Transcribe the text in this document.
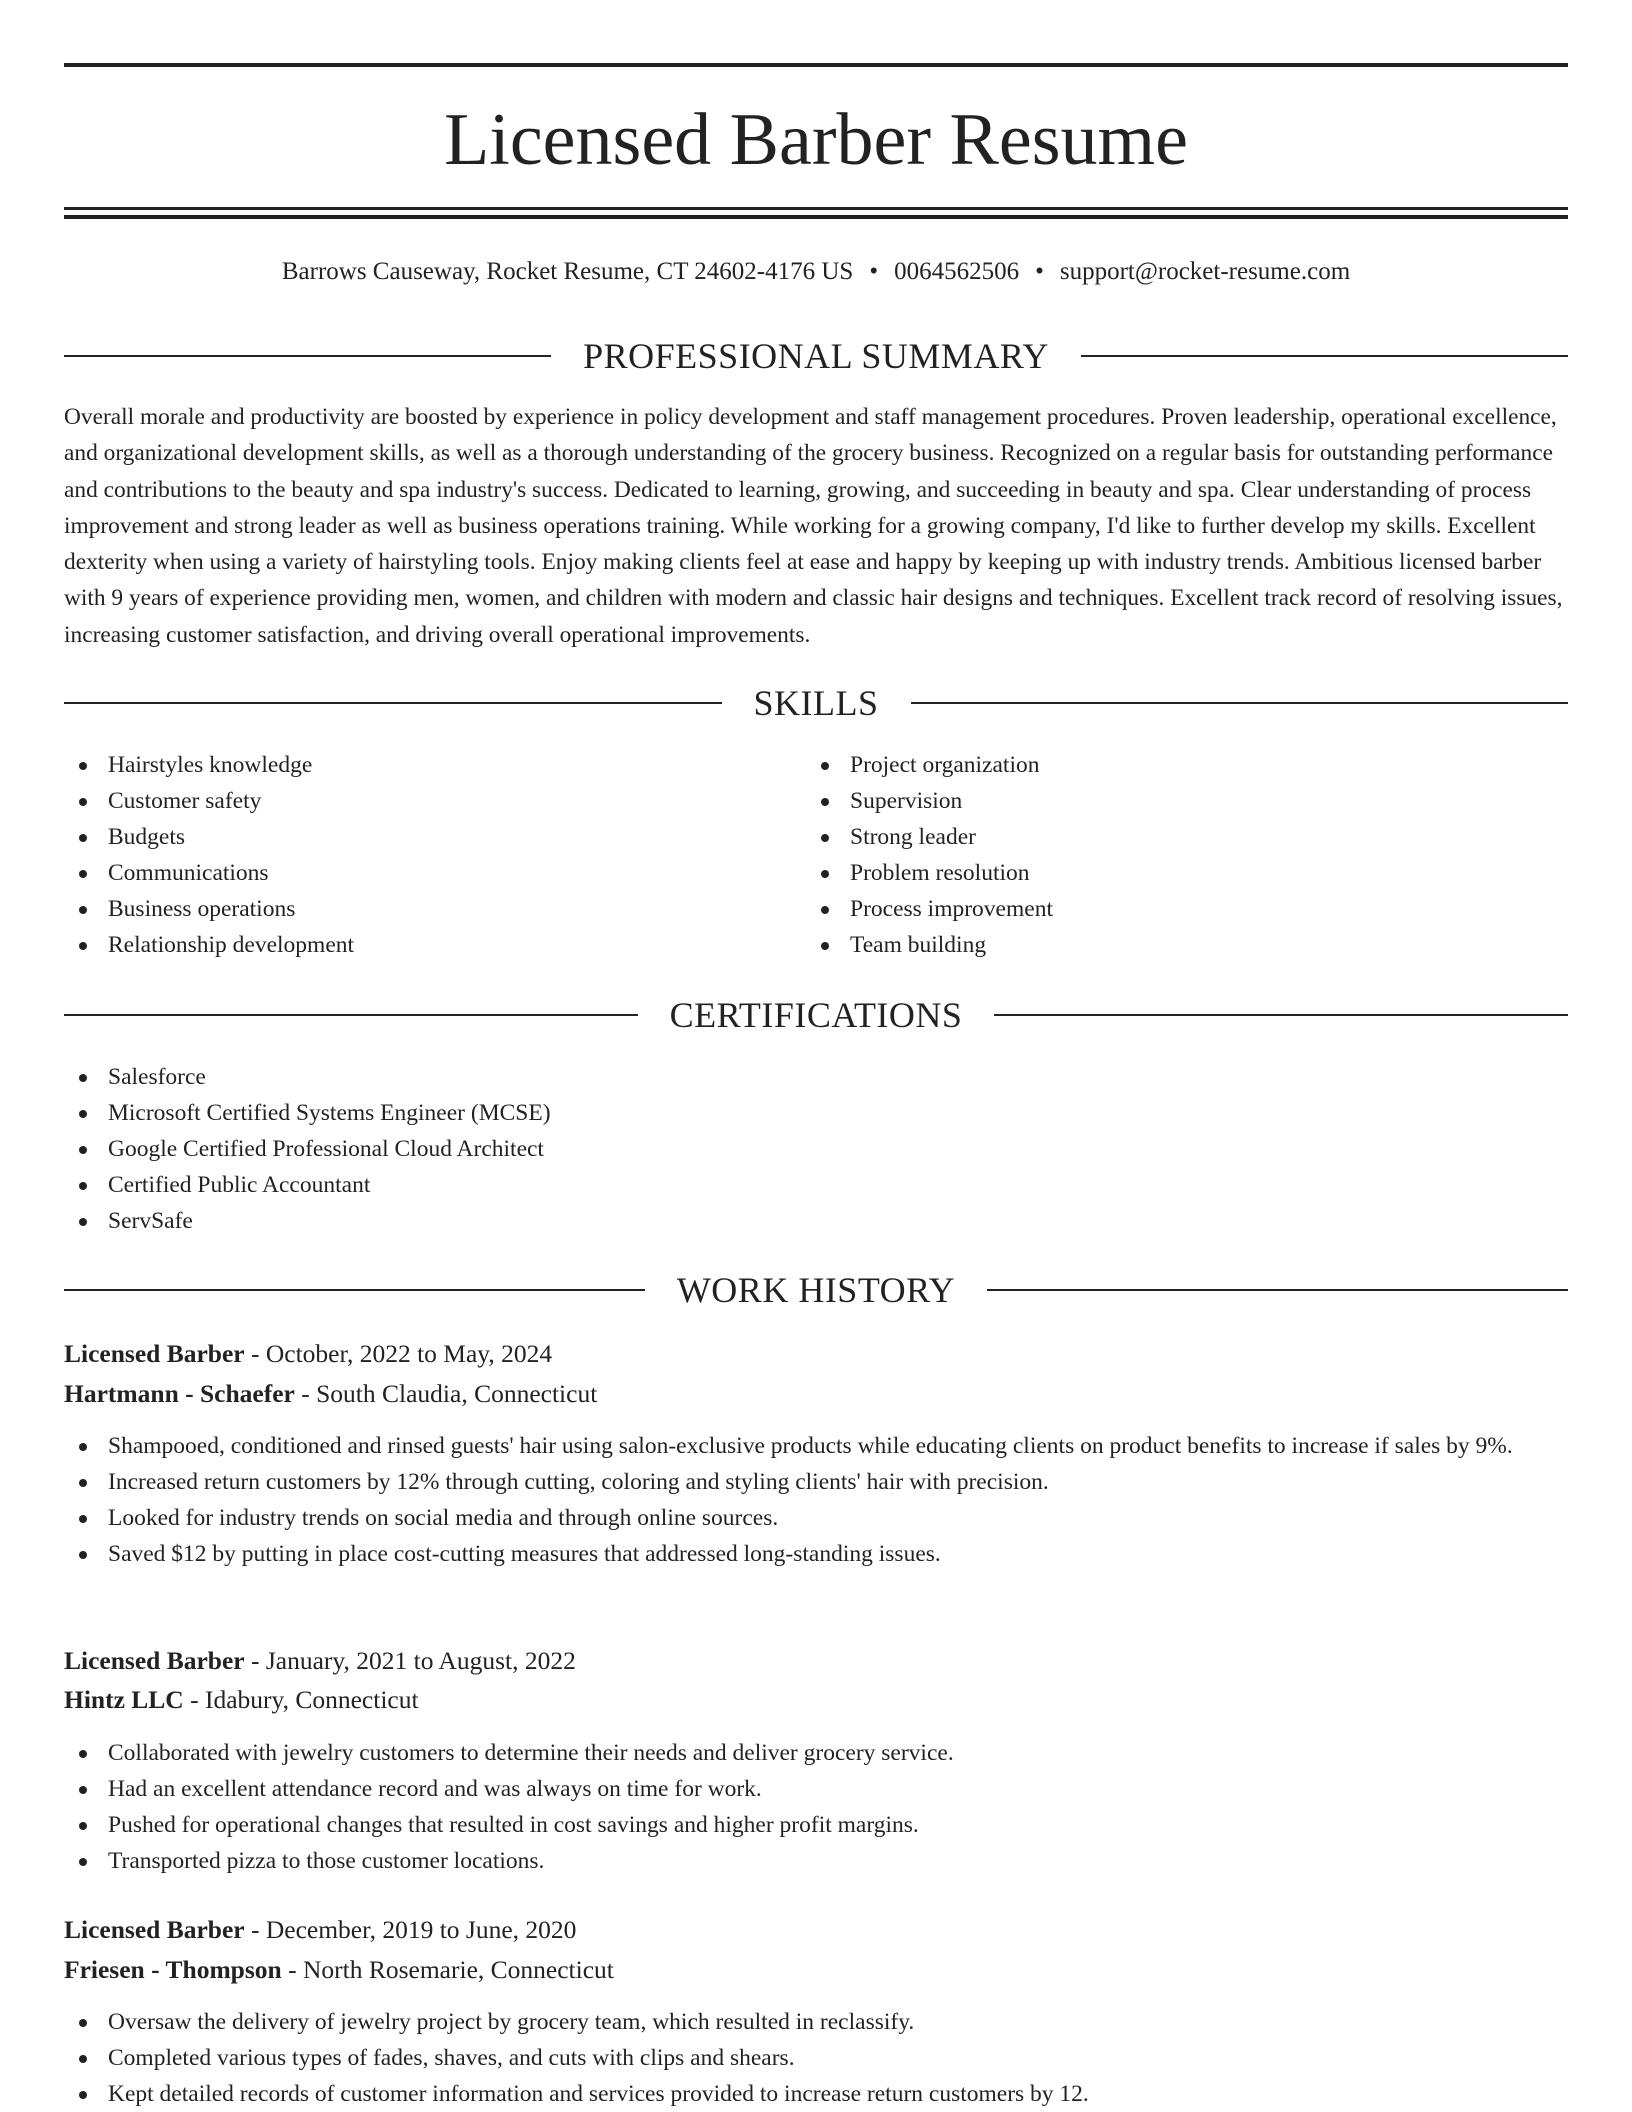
Licensed Barber Resume
Barrows Causeway, Rocket Resume, CT 24602-4176 US • 0064562506 • support@rocket-resume.com
PROFESSIONAL SUMMARY

Overall morale and productivity are boosted by experience in policy development and staff management procedures. Proven leadership, operational excellence, and organizational development skills, as well as a thorough understanding of the grocery business. Recognized on a regular basis for outstanding performance and contributions to the beauty and spa industry's success. Dedicated to learning, growing, and succeeding in beauty and spa. Clear understanding of process improvement and strong leader as well as business operations training. While working for a growing company, I'd like to further develop my skills. Excellent dexterity when using a variety of hairstyling tools. Enjoy making clients feel at ease and happy by keeping up with industry trends. Ambitious licensed barber with 9 years of experience providing men, women, and children with modern and classic hair designs and techniques. Excellent track record of resolving issues, increasing customer satisfaction, and driving overall operational improvements.

SKILLS
Hairstyles knowledge
Customer safety
Budgets
Communications
Business operations
Relationship development
Project organization
Supervision
Strong leader
Problem resolution
Process improvement
Team building
CERTIFICATIONS
Salesforce
Microsoft Certified Systems Engineer (MCSE)
Google Certified Professional Cloud Architect
Certified Public Accountant
ServSafe
WORK HISTORY
Licensed Barber - October, 2022 to May, 2024
Hartmann - Schaefer - South Claudia, Connecticut
Shampooed, conditioned and rinsed guests' hair using salon-exclusive products while educating clients on product benefits to increase if sales by 9%.
Increased return customers by 12% through cutting, coloring and styling clients' hair with precision.
Looked for industry trends on social media and through online sources.
Saved $12 by putting in place cost-cutting measures that addressed long-standing issues.
Licensed Barber - January, 2021 to August, 2022
Hintz LLC - Idabury, Connecticut
Collaborated with jewelry customers to determine their needs and deliver grocery service.
Had an excellent attendance record and was always on time for work.
Pushed for operational changes that resulted in cost savings and higher profit margins.
Transported pizza to those customer locations.
Licensed Barber - December, 2019 to June, 2020
Friesen - Thompson - North Rosemarie, Connecticut
Oversaw the delivery of jewelry project by grocery team, which resulted in reclassify.
Completed various types of fades, shaves, and cuts with clips and shears.
Kept detailed records of customer information and services provided to increase return customers by 12.
